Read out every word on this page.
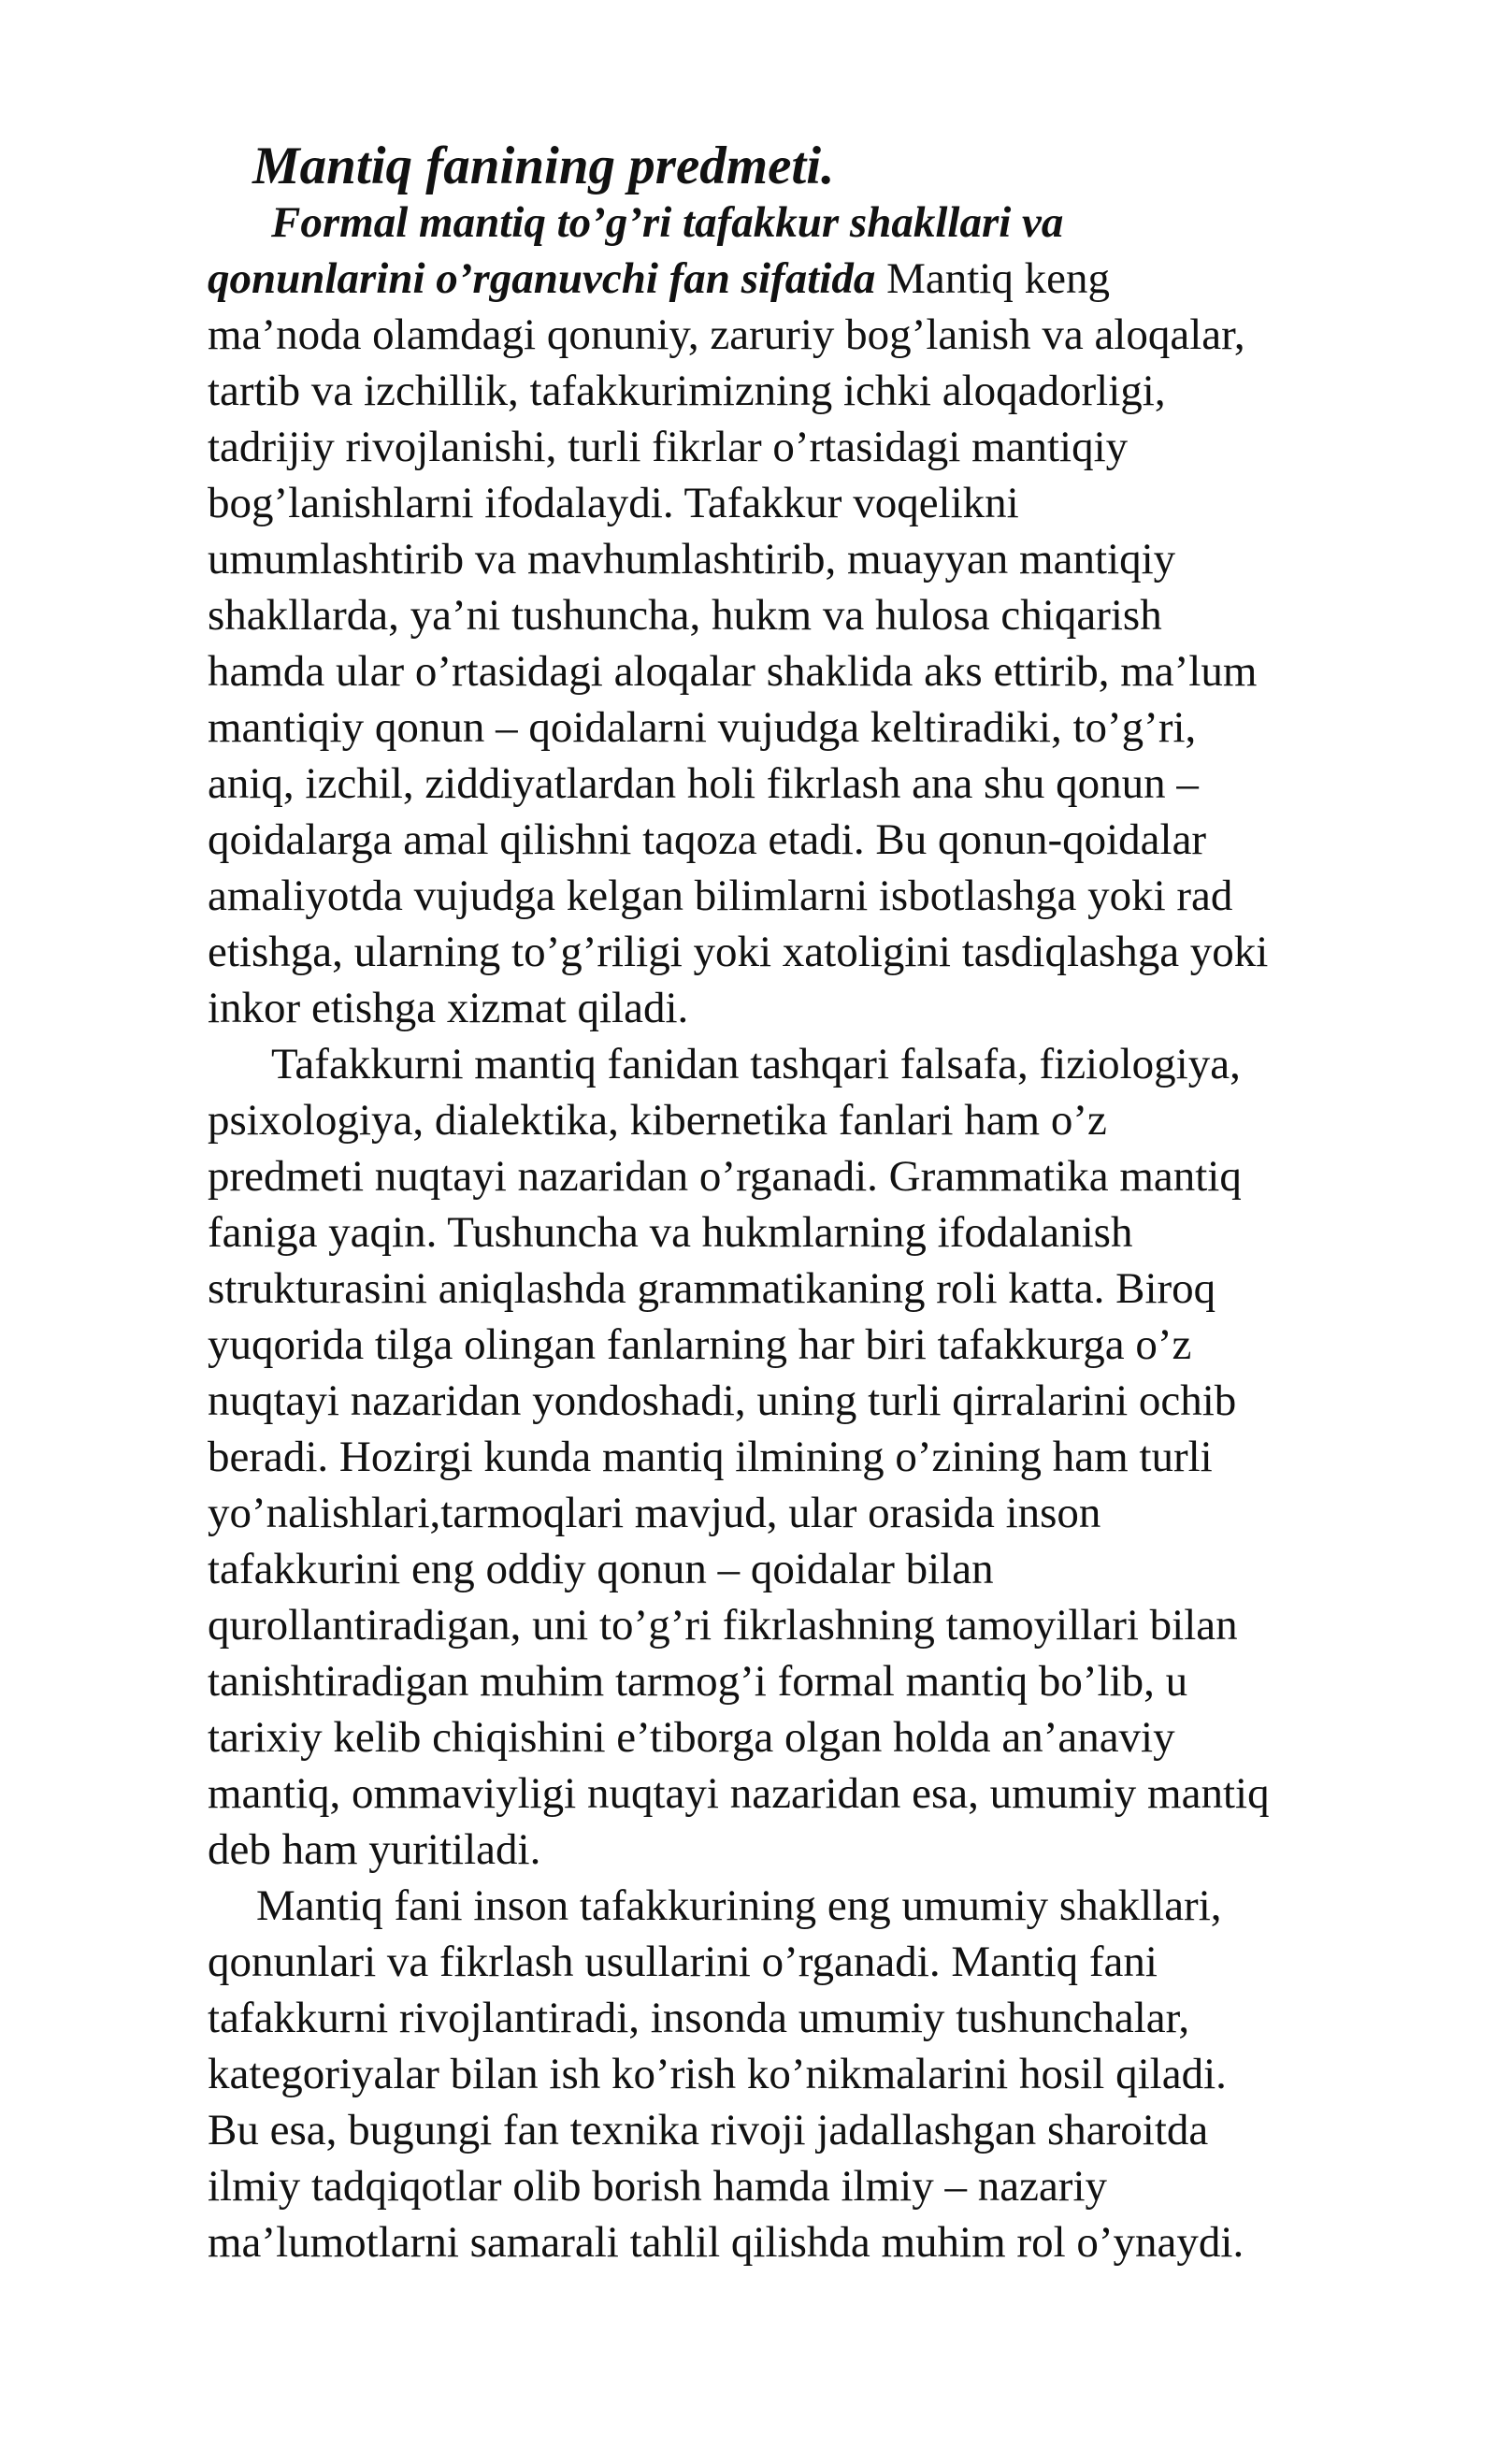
Mantiq fanining predmeti.
Formal mantiq to’g’ri tafakkur shakllari va
qonunlarini o’rganuvchi fan sifatida Mantiq keng
ma’noda olamdagi qonuniy, zaruriy bog’lanish va aloqalar,
tartib va izchillik, tafakkurimizning ichki aloqadorligi,
tadrijiy rivojlanishi, turli fikrlar o’rtasidagi mantiqiy
bog’lanishlarni ifodalaydi. Tafakkur voqelikni
umumlashtirib va mavhumlashtirib, muayyan mantiqiy
shakllarda, ya’ni tushuncha, hukm va hulosa chiqarish
hamda ular o’rtasidagi aloqalar shaklida aks ettirib, ma’lum
mantiqiy qonun – qoidalarni vujudga keltiradiki, to’g’ri,
aniq, izchil, ziddiyatlardan holi fikrlash ana shu qonun –
qoidalarga amal qilishni taqoza etadi. Bu qonun-qoidalar
amaliyotda vujudga kelgan bilimlarni isbotlashga yoki rad
etishga, ularning to’g’riligi yoki xatoligini tasdiqlashga yoki
inkor etishga xizmat qiladi.
Tafakkurni mantiq fanidan tashqari falsafa, fiziologiya,
psixologiya, dialektika, kibernetika fanlari ham o’z
predmeti nuqtayi nazaridan o’rganadi. Grammatika mantiq
faniga yaqin. Tushuncha va hukmlarning ifodalanish
strukturasini aniqlashda grammatikaning roli katta. Biroq
yuqorida tilga olingan fanlarning har biri tafakkurga o’z
nuqtayi nazaridan yondoshadi, uning turli qirralarini ochib
beradi. Hozirgi kunda mantiq ilmining o’zining ham turli
yo’nalishlari,tarmoqlari mavjud, ular orasida inson
tafakkurini eng oddiy qonun – qoidalar bilan
qurollantiradigan, uni to’g’ri fikrlashning tamoyillari bilan
tanishtiradigan muhim tarmog’i formal mantiq bo’lib, u
tarixiy kelib chiqishini e’tiborga olgan holda an’anaviy
mantiq, ommaviyligi nuqtayi nazaridan esa, umumiy mantiq
deb ham yuritiladi.
Mantiq fani inson tafakkurining eng umumiy shakllari,
qonunlari va fikrlash usullarini o’rganadi. Mantiq fani
tafakkurni rivojlantiradi, insonda umumiy tushunchalar,
kategoriyalar bilan ish ko’rish ko’nikmalarini hosil qiladi.
Bu esa, bugungi fan texnika rivoji jadallashgan sharoitda
ilmiy tadqiqotlar olib borish hamda ilmiy – nazariy
ma’lumotlarni samarali tahlil qilishda muhim rol o’ynaydi.
